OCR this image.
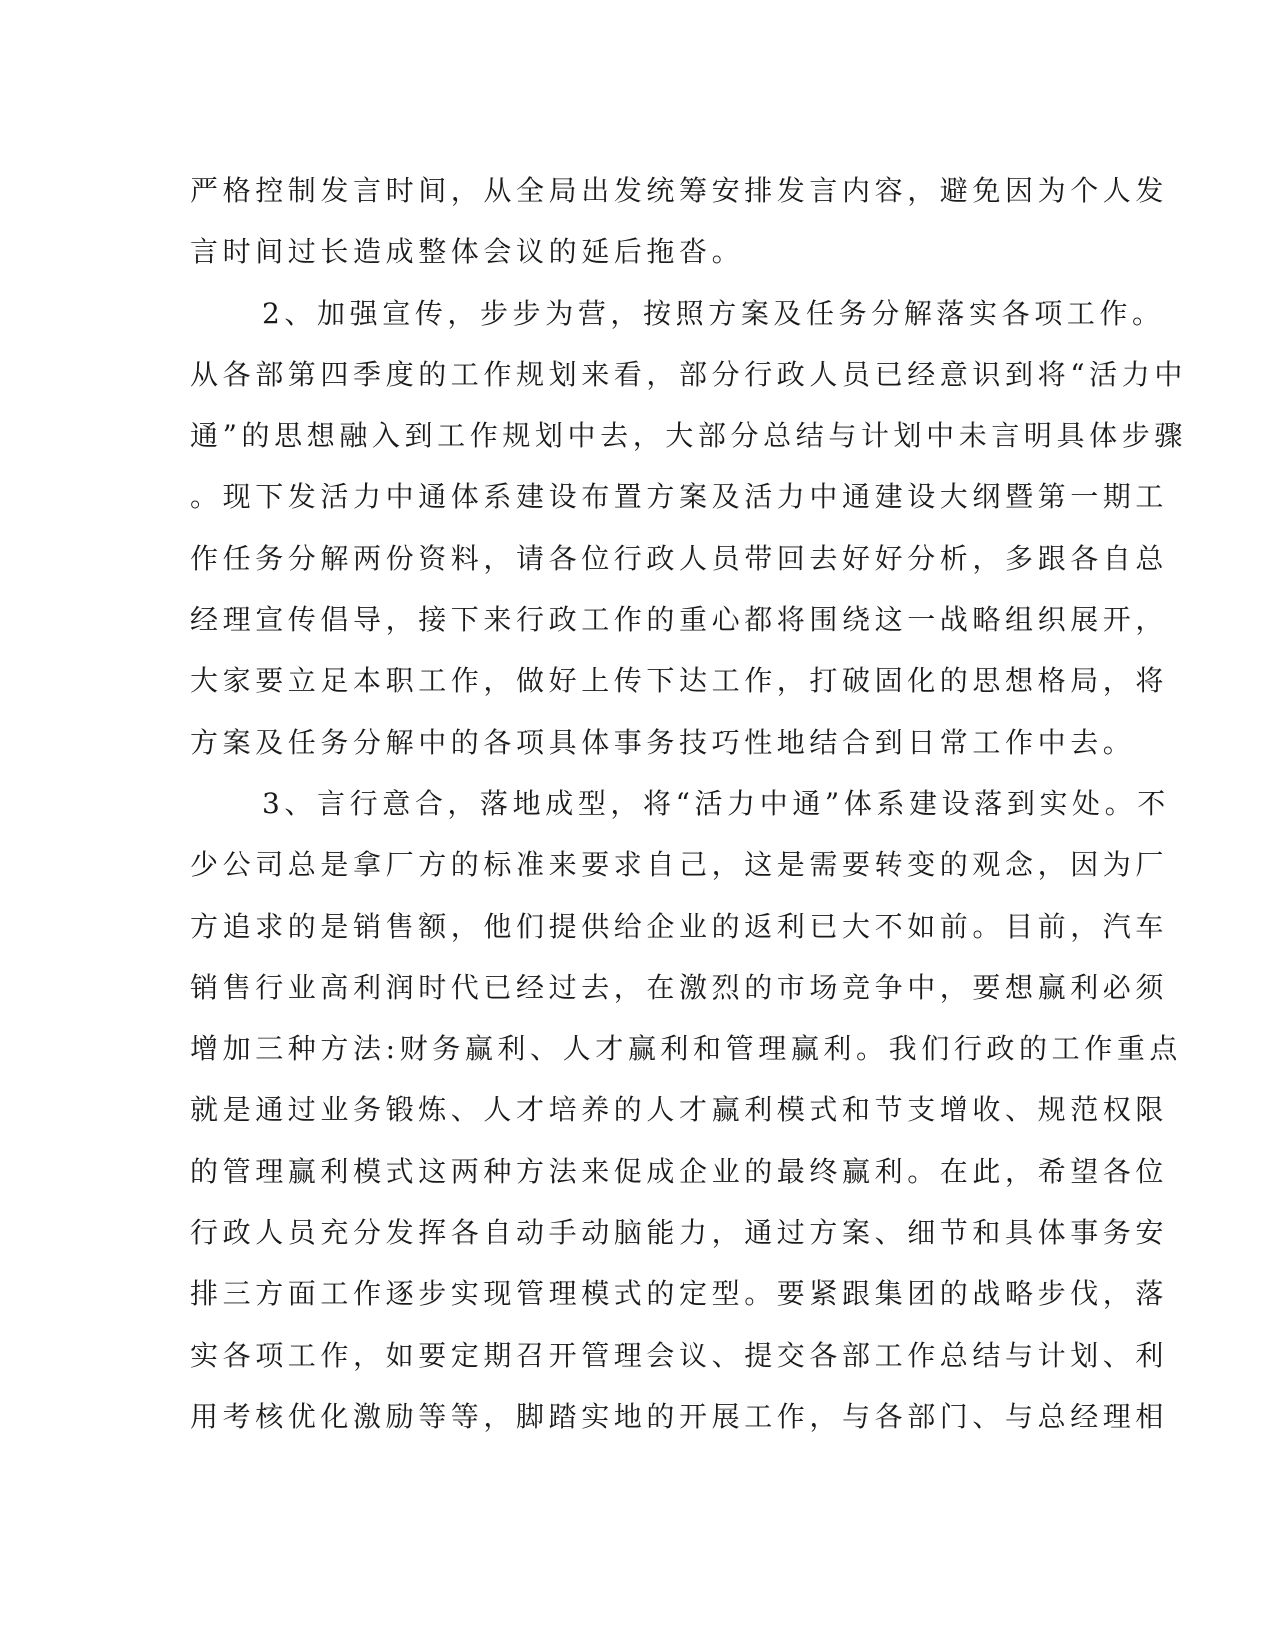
严格控制发言时间，从全局出发统筹安排发言内容，避免因为个人发
言时间过长造成整体会议的延后拖沓。
2、加强宣传，步步为营，按照方案及任务分解落实各项工作。
从各部第四季度的工作规划来看，部分行政人员已经意识到将“活力中
通”的思想融入到工作规划中去，大部分总结与计划中未言明具体步骤
。现下发活力中通体系建设布置方案及活力中通建设大纲暨第一期工
作任务分解两份资料，请各位行政人员带回去好好分析，多跟各自总
经理宣传倡导，接下来行政工作的重心都将围绕这一战略组织展开，
大家要立足本职工作，做好上传下达工作，打破固化的思想格局，将
方案及任务分解中的各项具体事务技巧性地结合到日常工作中去。
3、言行意合，落地成型，将“活力中通”体系建设落到实处。不
少公司总是拿厂方的标准来要求自己，这是需要转变的观念，因为厂
方追求的是销售额，他们提供给企业的返利已大不如前。目前，汽车
销售行业高利润时代已经过去，在激烈的市场竞争中，要想赢利必须
增加三种方法:财务赢利、人才赢利和管理赢利。我们行政的工作重点
就是通过业务锻炼、人才培养的人才赢利模式和节支增收、规范权限
的管理赢利模式这两种方法来促成企业的最终赢利。在此，希望各位
行政人员充分发挥各自动手动脑能力，通过方案、细节和具体事务安
排三方面工作逐步实现管理模式的定型。要紧跟集团的战略步伐，落
实各项工作，如要定期召开管理会议、提交各部工作总结与计划、利
用考核优化激励等等，脚踏实地的开展工作，与各部门、与总经理相
